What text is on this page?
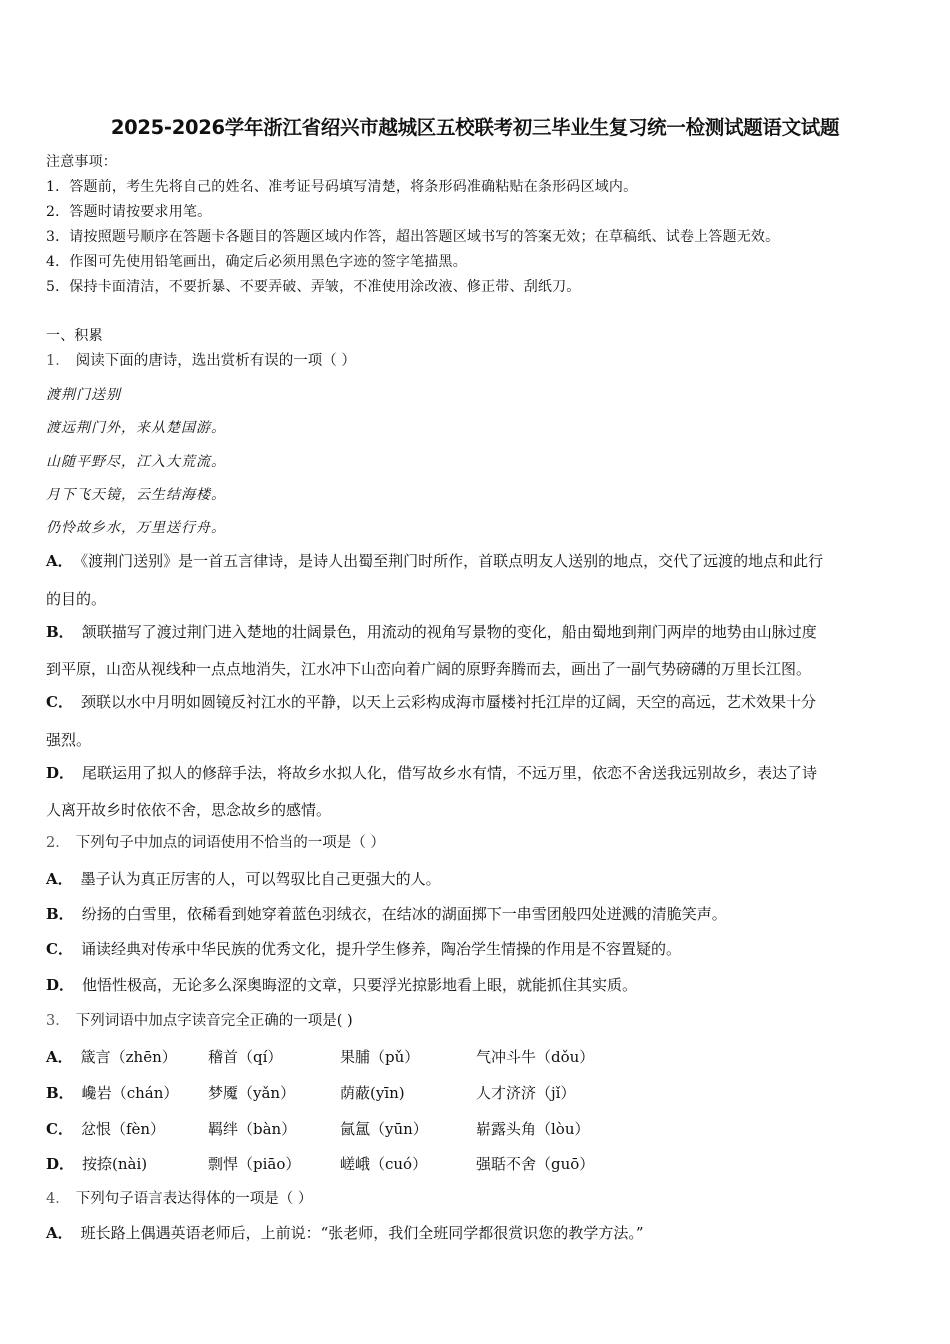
2025-2026学年浙江省绍兴市越城区五校联考初三毕业生复习统一检测试题语文试题
注意事项：
1．答题前，考生先将自己的姓名、准考证号码填写清楚，将条形码准确粘贴在条形码区域内。
2．答题时请按要求用笔。
3．请按照题号顺序在答题卡各题目的答题区域内作答，超出答题区域书写的答案无效；在草稿纸、试卷上答题无效。
4．作图可先使用铅笔画出，确定后必须用黑色字迹的签字笔描黑。
5．保持卡面清洁，不要折暴、不要弄破、弄皱，不准使用涂改液、修正带、刮纸刀。
一、积累
1． 阅读下面的唐诗，选出赏析有误的一项（ ）
渡荆门送别
渡远荆门外，来从楚国游。
山随平野尽，江入大荒流。
月下飞天镜，云生结海楼。
仍怜故乡水，万里送行舟。
A． 《渡荆门送别》是一首五言律诗，是诗人出蜀至荆门时所作，首联点明友人送别的地点，交代了远渡的地点和此行
的目的。
B． 颔联描写了渡过荆门进入楚地的壮阔景色，用流动的视角写景物的变化，船由蜀地到荆门两岸的地势由山脉过度
到平原，山峦从视线种一点点地消失，江水冲下山峦向着广阔的原野奔腾而去，画出了一副气势磅礴的万里长江图。
C． 颈联以水中月明如圆镜反衬江水的平静，以天上云彩构成海市蜃楼衬托江岸的辽阔，天空的高远，艺术效果十分
强烈。
D． 尾联运用了拟人的修辞手法，将故乡水拟人化，借写故乡水有情，不远万里，依恋不舍送我远别故乡，表达了诗
人离开故乡时依依不舍，思念故乡的感情。
2． 下列句子中加点的词语使用不恰当的一项是（ ）
A． 墨子认为真正厉害的人，可以驾驭比自己更强大的人。
B． 纷扬的白雪里，依稀看到她穿着蓝色羽绒衣，在结冰的湖面掷下一串雪团般四处迸溅的清脆笑声。
C． 诵读经典对传承中华民族的优秀文化，提升学生修养，陶冶学生情操的作用是不容置疑的。
D． 他悟性极高，无论多么深奥晦涩的文章，只要浮光掠影地看上眼，就能抓住其实质。
3． 下列词语中加点字读音完全正确的一项是( )
A． 箴言（zhēn） 稽首（qí）	果脯（pǔ）	气冲斗牛（dǒu）
B． 巉岩（chán） 梦魇（yǎn）	荫蔽(yīn)	人才济济（jǐ）
C． 忿恨（fèn）	羁绊（bàn）	氤氲（yūn）	崭露头角（lòu）
D． 按捺(nài)	剽悍（piāo）	嵯峨（cuó）	强聒不舍（guō）
4． 下列句子语言表达得体的一项是（ ）
A． 班长路上偶遇英语老师后，上前说：“张老师，我们全班同学都很赏识您的教学方法。”
